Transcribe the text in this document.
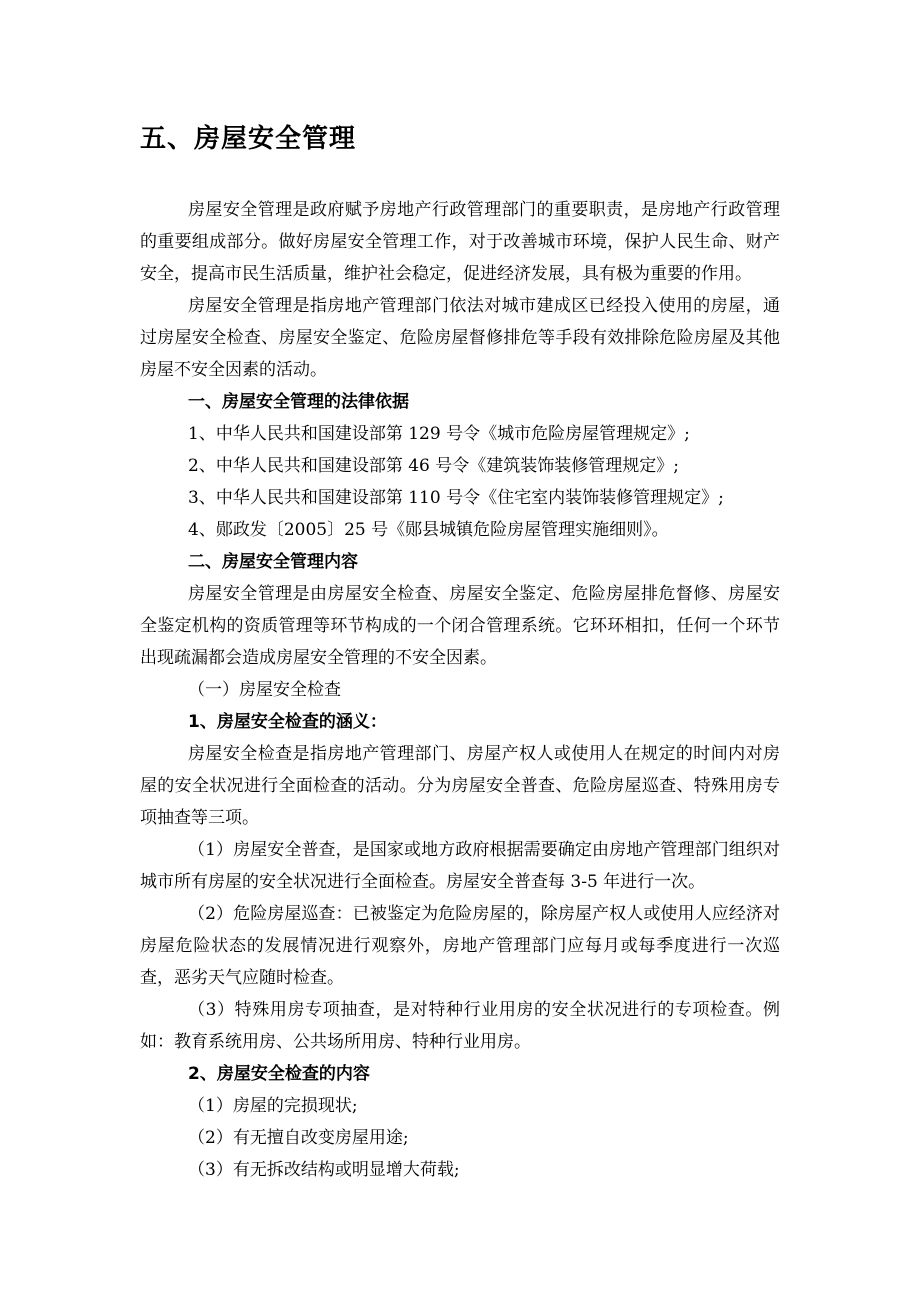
五、房屋安全管理

房屋安全管理是政府赋予房地产行政管理部门的重要职责，是房地产行政管理的重要组成部分。做好房屋安全管理工作，对于改善城市环境，保护人民生命、财产安全，提高市民生活质量，维护社会稳定，促进经济发展，具有极为重要的作用。

房屋安全管理是指房地产管理部门依法对城市建成区已经投入使用的房屋，通过房屋安全检查、房屋安全鉴定、危险房屋督修排危等手段有效排除危险房屋及其他房屋不安全因素的活动。

一、房屋安全管理的法律依据

1、中华人民共和国建设部第 129 号令《城市危险房屋管理规定》;

2、中华人民共和国建设部第 46 号令《建筑装饰装修管理规定》;

3、中华人民共和国建设部第 110 号令《住宅室内装饰装修管理规定》;

4、郧政发〔2005〕25 号《郧县城镇危险房屋管理实施细则》。

二、房屋安全管理内容

房屋安全管理是由房屋安全检查、房屋安全鉴定、危险房屋排危督修、房屋安全鉴定机构的资质管理等环节构成的一个闭合管理系统。它环环相扣，任何一个环节出现疏漏都会造成房屋安全管理的不安全因素。

（一）房屋安全检查

1、房屋安全检查的涵义：

房屋安全检查是指房地产管理部门、房屋产权人或使用人在规定的时间内对房屋的安全状况进行全面检查的活动。分为房屋安全普查、危险房屋巡查、特殊用房专项抽查等三项。

（1）房屋安全普查，是国家或地方政府根据需要确定由房地产管理部门组织对城市所有房屋的安全状况进行全面检查。房屋安全普查每 3-5 年进行一次。

（2）危险房屋巡查：已被鉴定为危险房屋的，除房屋产权人或使用人应经济对房屋危险状态的发展情况进行观察外，房地产管理部门应每月或每季度进行一次巡查，恶劣天气应随时检查。

（3）特殊用房专项抽查，是对特种行业用房的安全状况进行的专项检查。例如：教育系统用房、公共场所用房、特种行业用房。

2、房屋安全检查的内容

（1）房屋的完损现状;

（2）有无擅自改变房屋用途;

（3）有无拆改结构或明显增大荷载;
